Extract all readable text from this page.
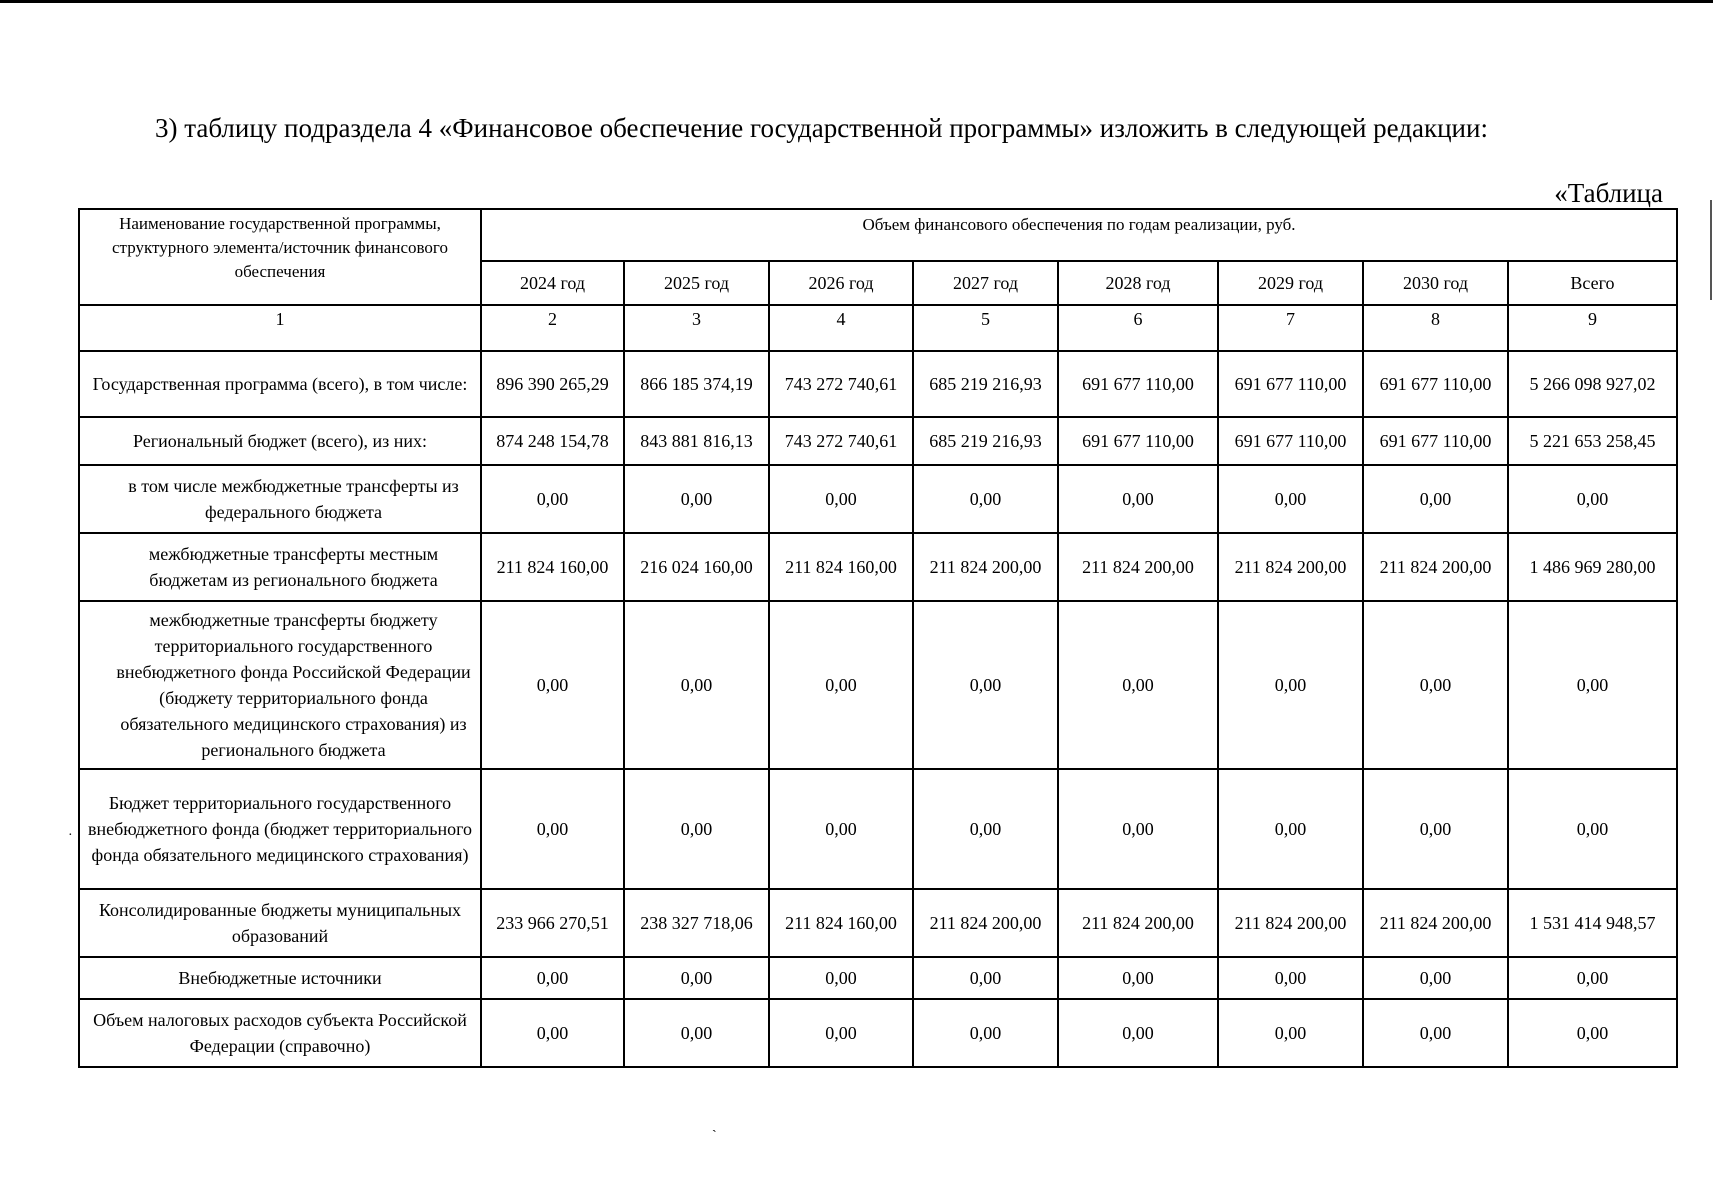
3) таблицу подраздела 4 «Финансовое обеспечение государственной программы» изложить в следующей редакции:
«Таблица
Наименование государственной программы, структурного элемента/источник финансового обеспечения	Объем финансового обеспечения по годам реализации, руб.							
	2024 год	2025 год	2026 год	2027 год	2028 год	2029 год	2030 год	Всего
1	2	3	4	5	6	7	8	9
Государственная программа (всего), в том числе:	896 390 265,29	866 185 374,19	743 272 740,61	685 219 216,93	691 677 110,00	691 677 110,00	691 677 110,00	5 266 098 927,02
Региональный бюджет (всего), из них:	874 248 154,78	843 881 816,13	743 272 740,61	685 219 216,93	691 677 110,00	691 677 110,00	691 677 110,00	5 221 653 258,45
в том числе межбюджетные трансферты из федерального бюджета	0,00	0,00	0,00	0,00	0,00	0,00	0,00	0,00
межбюджетные трансферты местным бюджетам из регионального бюджета	211 824 160,00	216 024 160,00	211 824 160,00	211 824 200,00	211 824 200,00	211 824 200,00	211 824 200,00	1 486 969 280,00
межбюджетные трансферты бюджету территориального государственного внебюджетного фонда Российской Федерации (бюджету территориального фонда обязательного медицинского страхования) из регионального бюджета	0,00	0,00	0,00	0,00	0,00	0,00	0,00	0,00
Бюджет территориального государственного внебюджетного фонда (бюджет территориального фонда обязательного медицинского страхования)	0,00	0,00	0,00	0,00	0,00	0,00	0,00	0,00
Консолидированные бюджеты муниципальных образований	233 966 270,51	238 327 718,06	211 824 160,00	211 824 200,00	211 824 200,00	211 824 200,00	211 824 200,00	1 531 414 948,57
Внебюджетные источники	0,00	0,00	0,00	0,00	0,00	0,00	0,00	0,00
Объем налоговых расходов субъекта Российской Федерации (справочно)	0,00	0,00	0,00	0,00	0,00	0,00	0,00	0,00
·
ˏ
